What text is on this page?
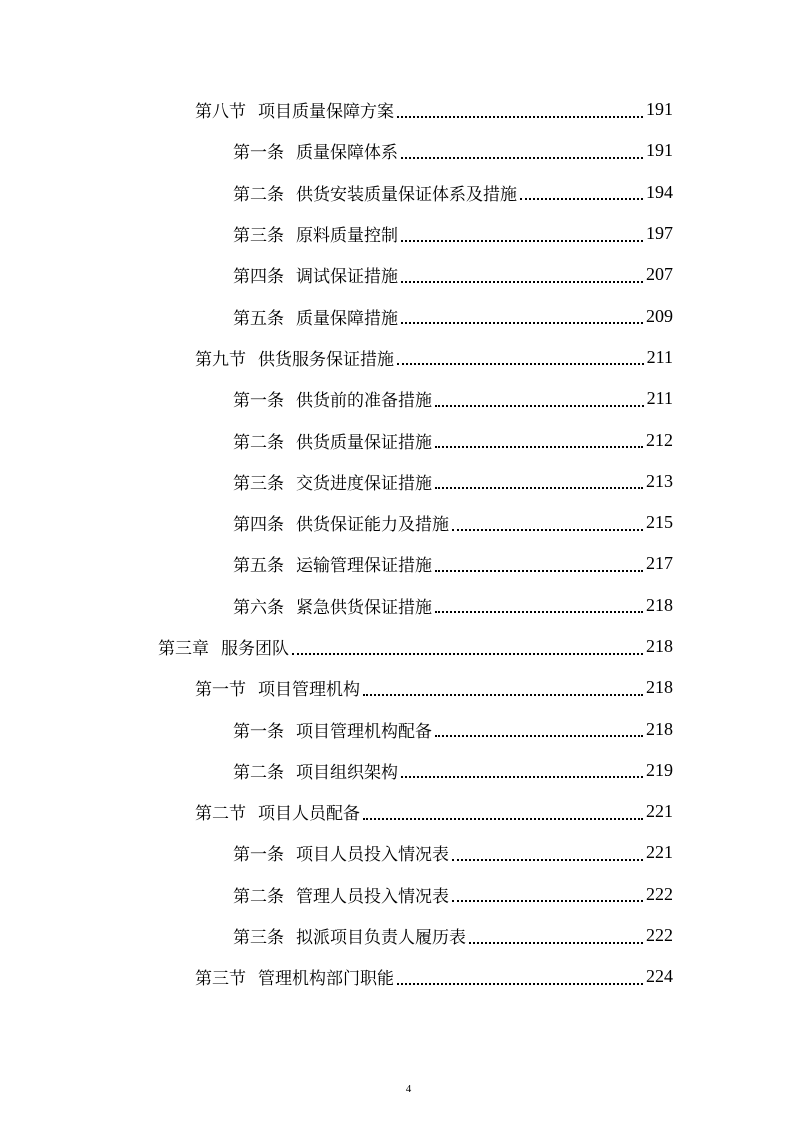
第八节 项目质量保障方案	191
第一条 质量保障体系	191
第二条 供货安装质量保证体系及措施	194
第三条 原料质量控制	197
第四条 调试保证措施	207
第五条 质量保障措施	209
第九节 供货服务保证措施	211
第一条 供货前的准备措施	211
第二条 供货质量保证措施	212
第三条 交货进度保证措施	213
第四条 供货保证能力及措施	215
第五条 运输管理保证措施	217
第六条 紧急供货保证措施	218
第三章 服务团队	218
第一节 项目管理机构	218
第一条 项目管理机构配备	218
第二条 项目组织架构	219
第二节 项目人员配备	221
第一条 项目人员投入情况表	221
第二条 管理人员投入情况表	222
第三条 拟派项目负责人履历表	222
第三节 管理机构部门职能	224
4
